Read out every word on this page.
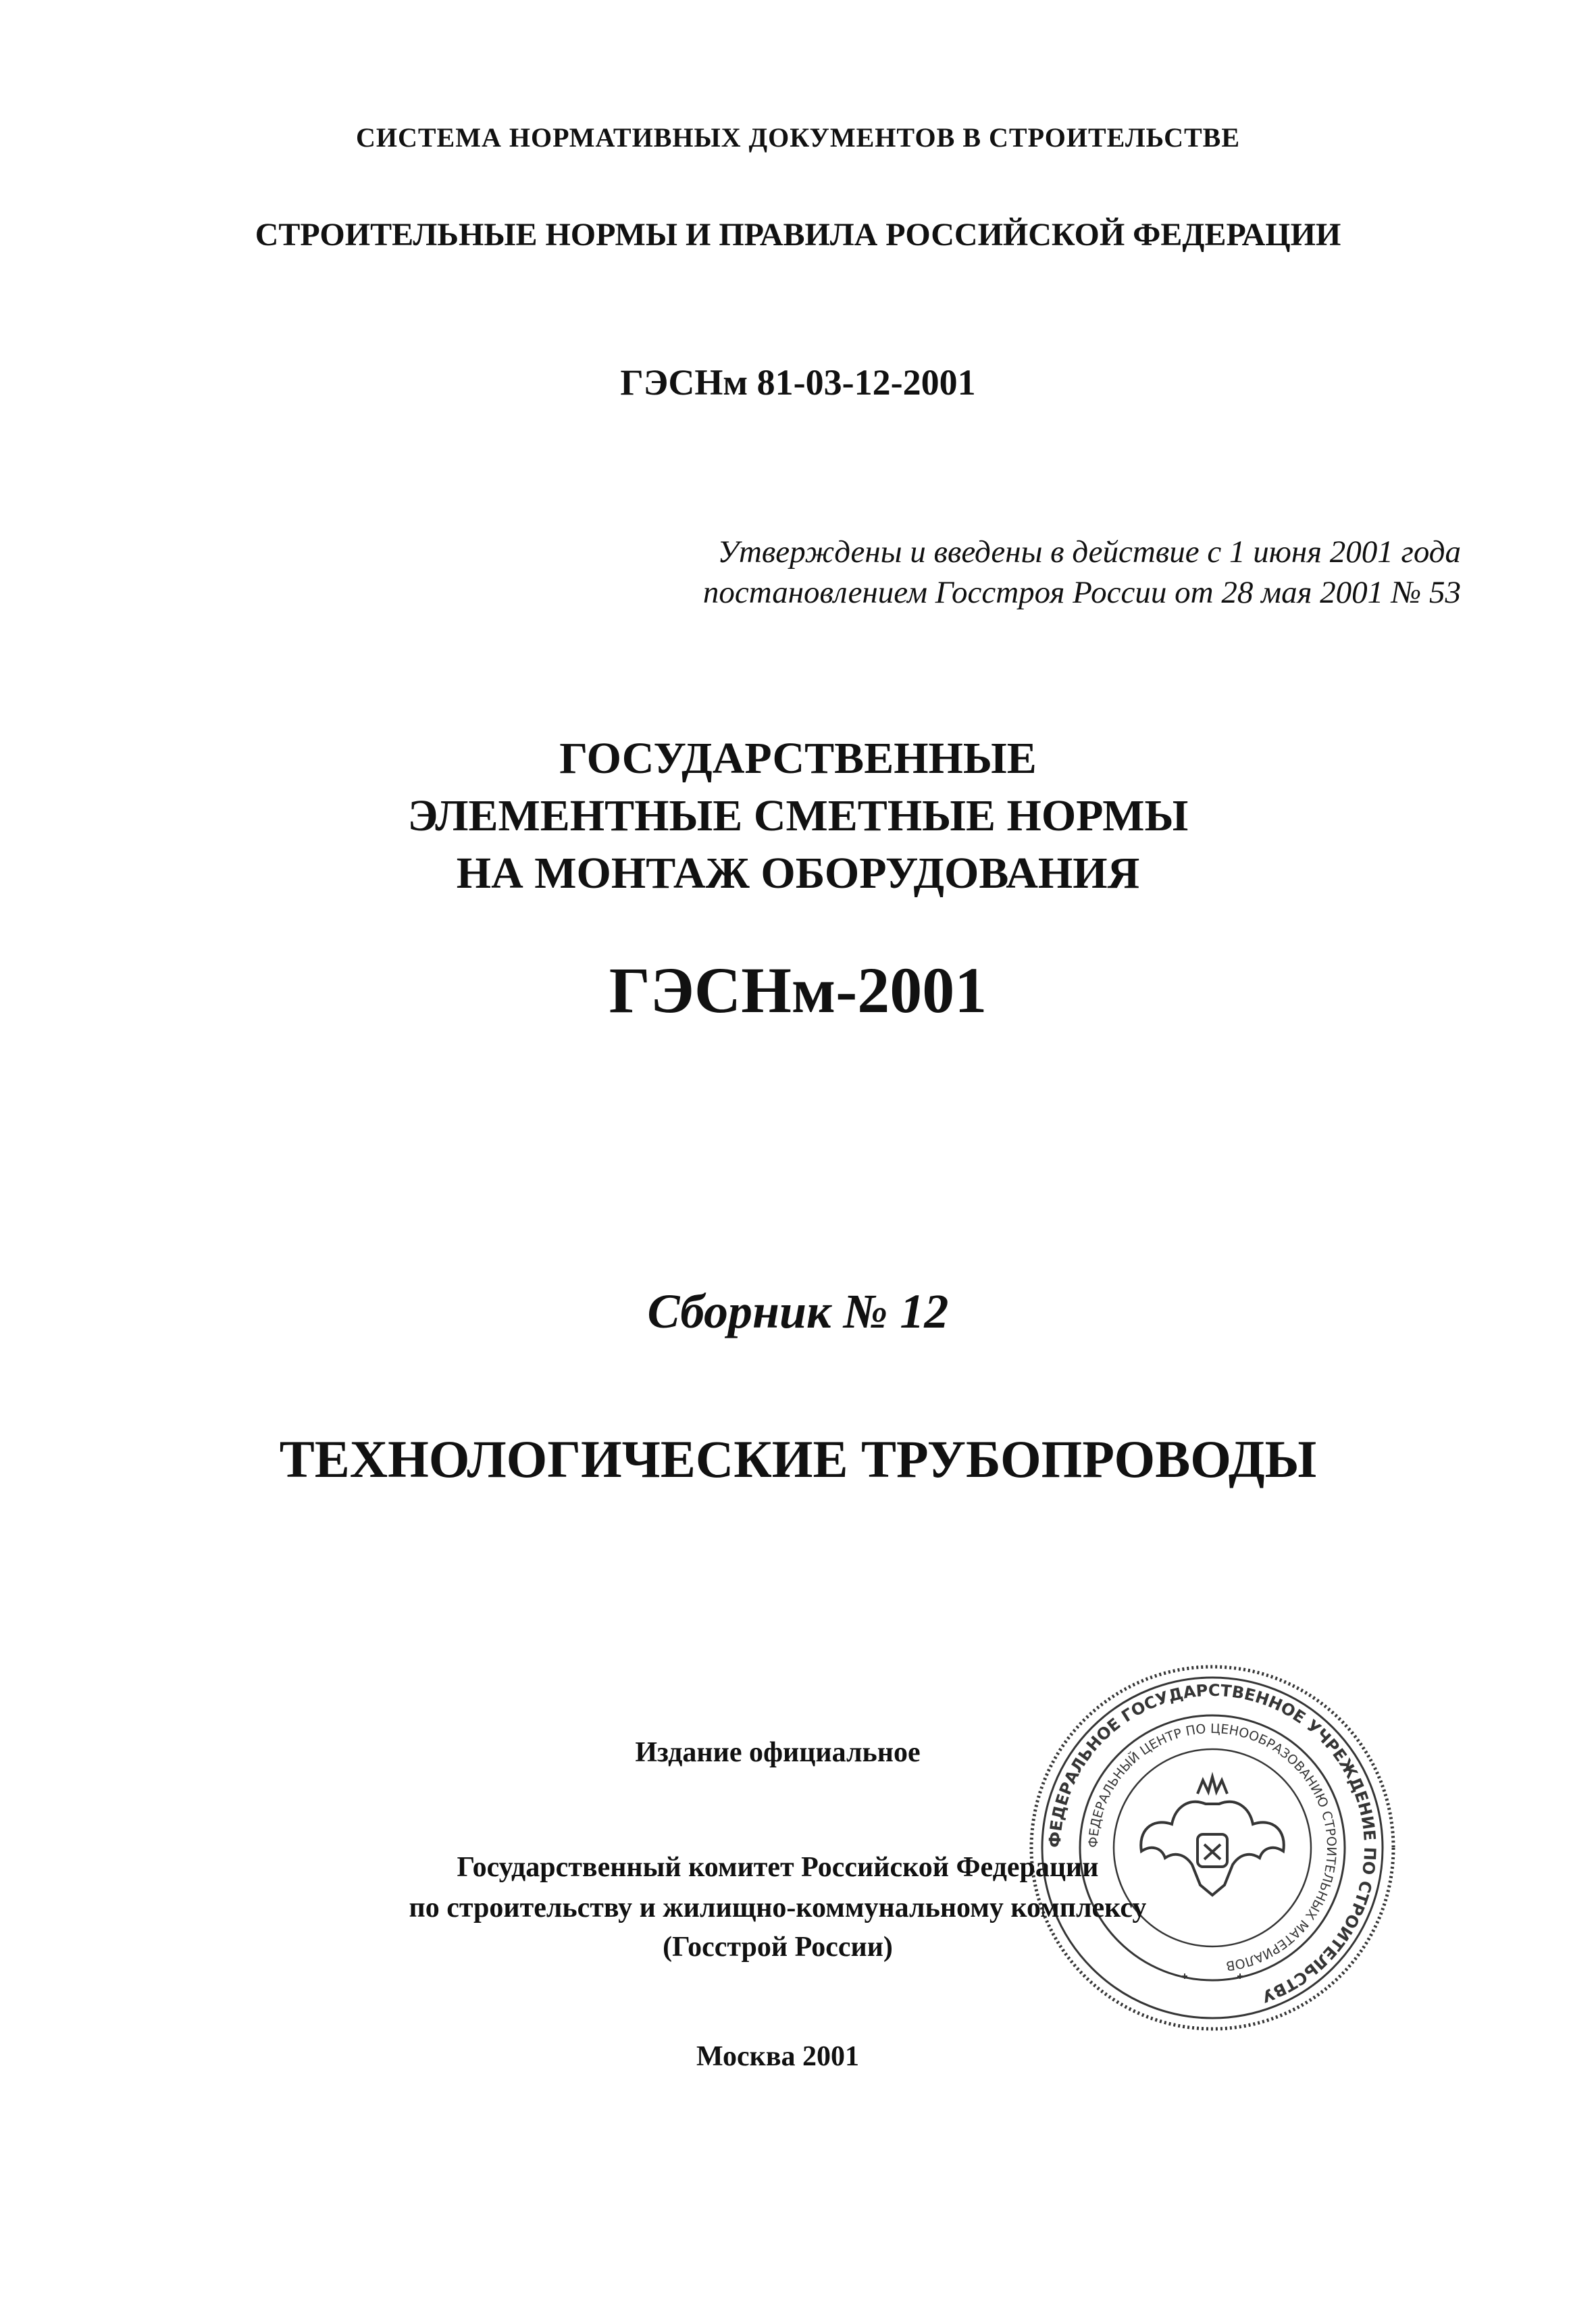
СИСТЕМА НОРМАТИВНЫХ ДОКУМЕНТОВ В СТРОИТЕЛЬСТВЕ
СТРОИТЕЛЬНЫЕ НОРМЫ И ПРАВИЛА РОССИЙСКОЙ ФЕДЕРАЦИИ
ГЭСНм 81-03-12-2001
Утверждены и введены в действие с 1 июня 2001 года
постановлением Госстроя России от 28 мая 2001 № 53
ГОСУДАРСТВЕННЫЕ
ЭЛЕМЕНТНЫЕ СМЕТНЫЕ НОРМЫ
НА МОНТАЖ ОБОРУДОВАНИЯ
ГЭСНм-2001
Сборник № 12
ТЕХНОЛОГИЧЕСКИЕ ТРУБОПРОВОДЫ
Издание официальное
Государственный комитет Российской Федерации
по строительству и жилищно-коммунальному комплексу
(Госстрой России)
Москва 2001
ФЕДЕРАЛЬНОЕ ГОСУДАРСТВЕННОЕ УЧРЕЖДЕНИЕ ПО СТРОИТЕЛЬСТВУ
ФЕДЕРАЛЬНЫЙ ЦЕНТР ПО ЦЕНООБРАЗОВАНИЮ СТРОИТЕЛЬНЫХ МАТЕРИАЛОВ
